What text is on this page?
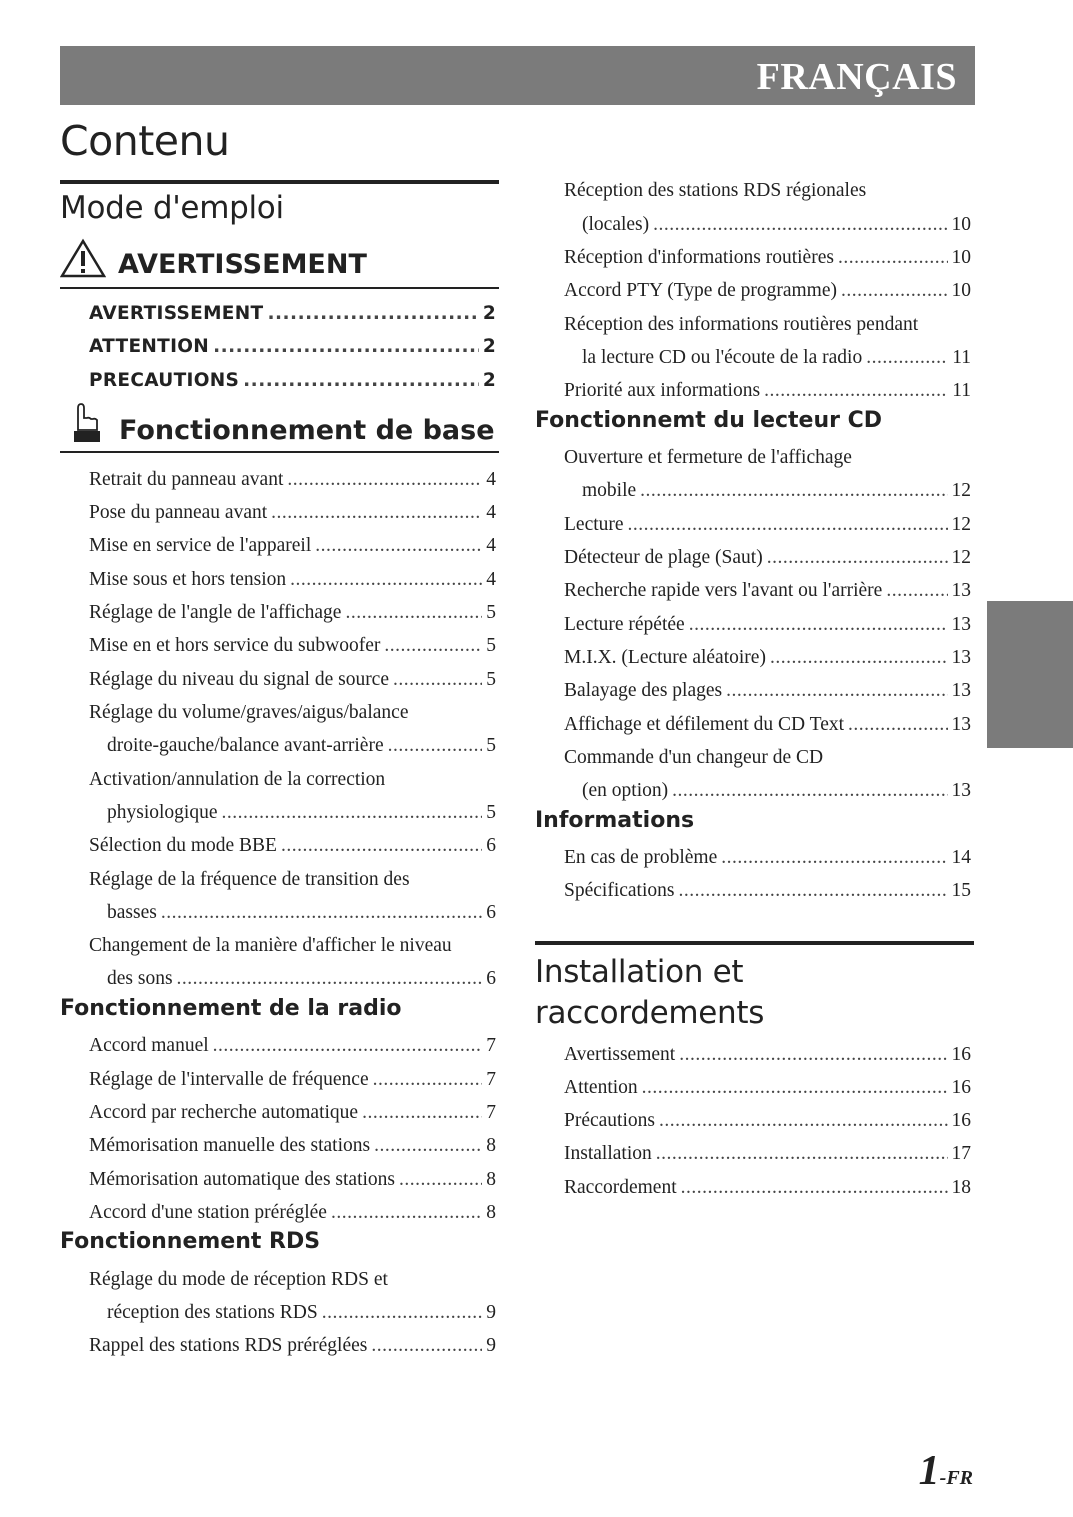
FRANÇAIS
Contenu
Mode d'emploi
AVERTISSEMENT
AVERTISSEMENT .....	2
ATTENTION .....	2
PRECAUTIONS .....	2
Fonctionnement de base
Retrait du panneau avant .....	4
Pose du panneau avant .....	4
Mise en service de l'appareil .....	4
Mise sous et hors tension .....	4
Réglage de l'angle de l'affichage .....	5
Mise en et hors service du subwoofer .....	5
Réglage du niveau du signal de source .....	5
Réglage du volume/graves/aigus/balance
droite-gauche/balance avant-arrière .....	5
Activation/annulation de la correction
physiologique .....	5
Sélection du mode BBE .....	6
Réglage de la fréquence de transition des
basses .....	6
Changement de la manière d'afficher le niveau
des sons .....	6
Fonctionnement de la radio
Accord manuel .....	7
Réglage de l'intervalle de fréquence .....	7
Accord par recherche automatique .....	7
Mémorisation manuelle des stations .....	8
Mémorisation automatique des stations .....	8
Accord d'une station préréglée .....	8
Fonctionnement RDS
Réglage du mode de réception RDS et
réception des stations RDS .....	9
Rappel des stations RDS préréglées .....	9
Réception des stations RDS régionales
(locales) .....	10
Réception d'informations routières .....	10
Accord PTY (Type de programme) .....	10
Réception des informations routières pendant
la lecture CD ou l'écoute de la radio .....	11
Priorité aux informations .....	11
Fonctionnemt du lecteur CD
Ouverture et fermeture de l'affichage
mobile .....	12
Lecture .....	12
Détecteur de plage (Saut) .....	12
Recherche rapide vers l'avant ou l'arrière .....	13
Lecture répétée .....	13
M.I.X. (Lecture aléatoire) .....	13
Balayage des plages .....	13
Affichage et défilement du CD Text .....	13
Commande d'un changeur de CD
(en option) .....	13
Informations
En cas de problème .....	14
Spécifications .....	15
Installation et
raccordements
Avertissement .....	16
Attention .....	16
Précautions .....	16
Installation .....	17
Raccordement .....	18
1-FR
